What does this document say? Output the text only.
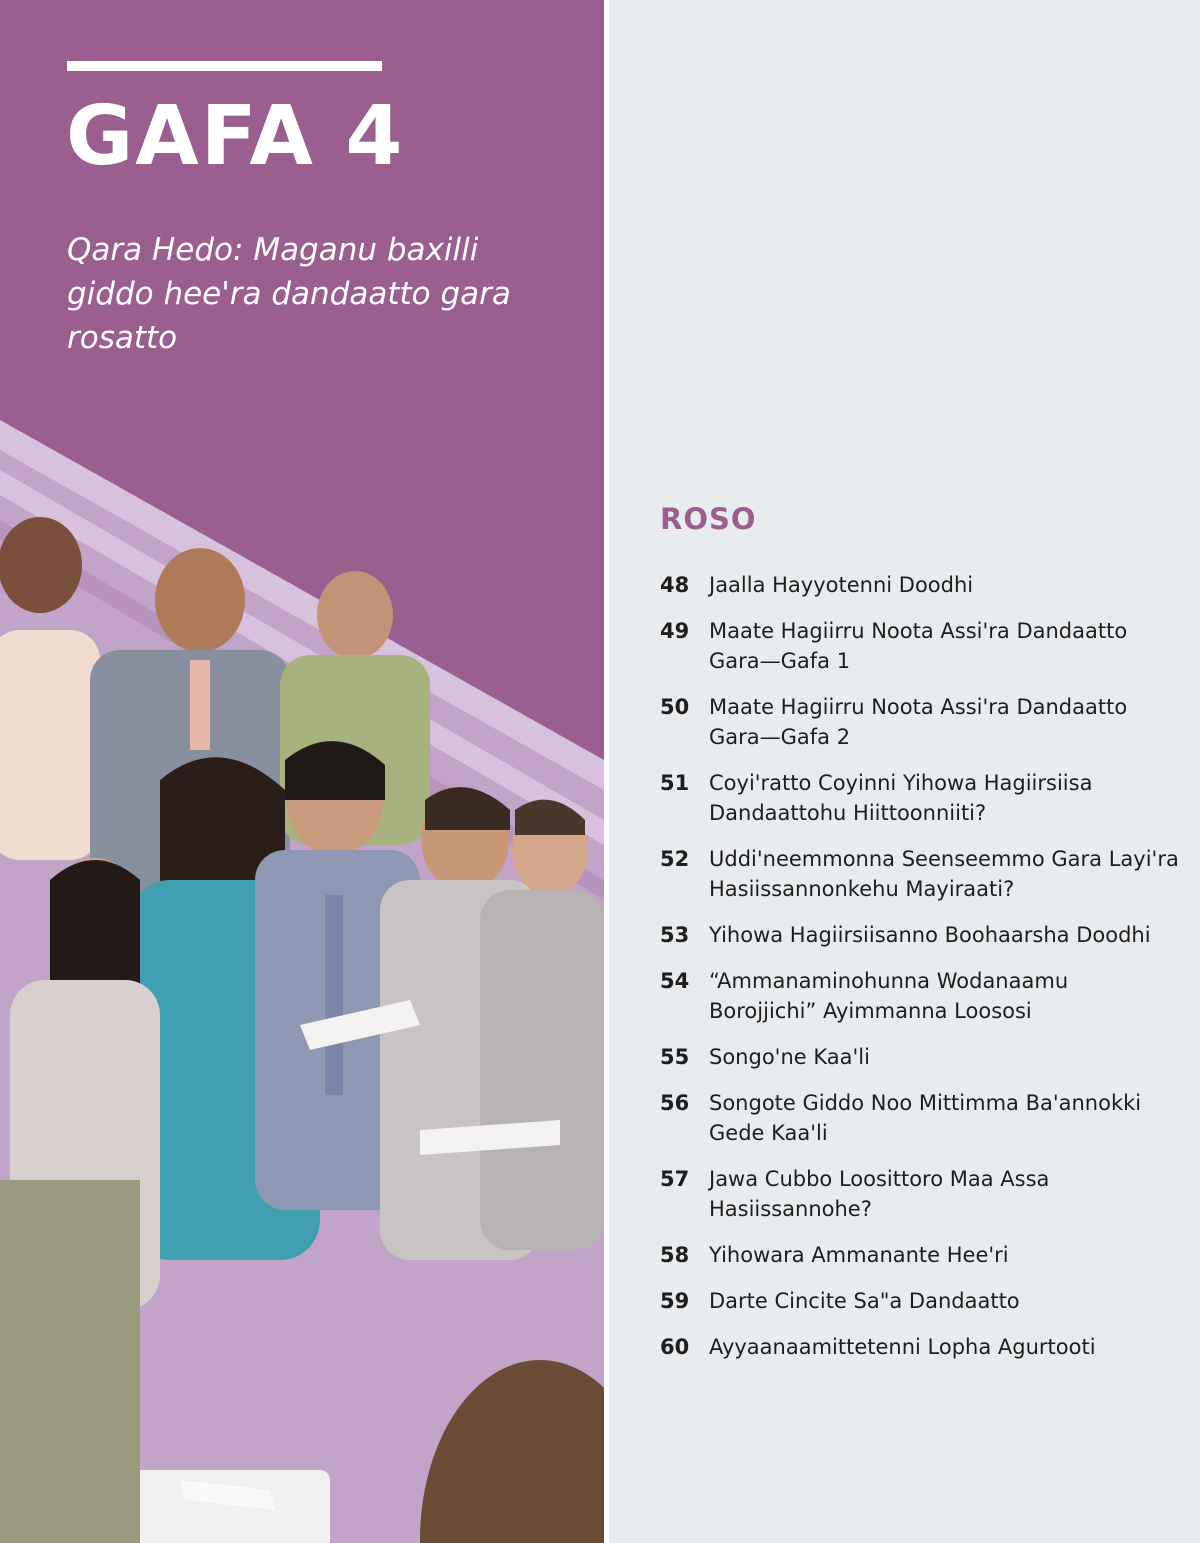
GAFA 4

Qara Hedo: Maganu baxilli giddo hee'ra dandaatto gara rosatto

ROSO
48 Jaalla Hayyotenni Doodhi
49 Maate Hagiirru Noota Assi'ra Dandaatto Gara—Gafa 1
50 Maate Hagiirru Noota Assi'ra Dandaatto Gara—Gafa 2
51 Coyi'ratto Coyinni Yihowa Hagiirsiisa Dandaattohu Hiittoonniiti?
52 Uddi'neemmonna Seenseemmo Gara Layi'ra Hasiissannonkehu Mayiraati?
53 Yihowa Hagiirsiisanno Boohaarsha Doodhi
54 “Ammanaminohunna Wodanaamu Borojjichi” Ayimmanna Loososi
55 Songo'ne Kaa'li
56 Songote Giddo Noo Mittimma Ba'annokki Gede Kaa'li
57 Jawa Cubbo Loosittoro Maa Assa Hasiissannohe?
58 Yihowara Ammanante Hee'ri
59 Darte Cincite Sa"a Dandaatto
60 Ayyaanaamittetenni Lopha Agurtooti
